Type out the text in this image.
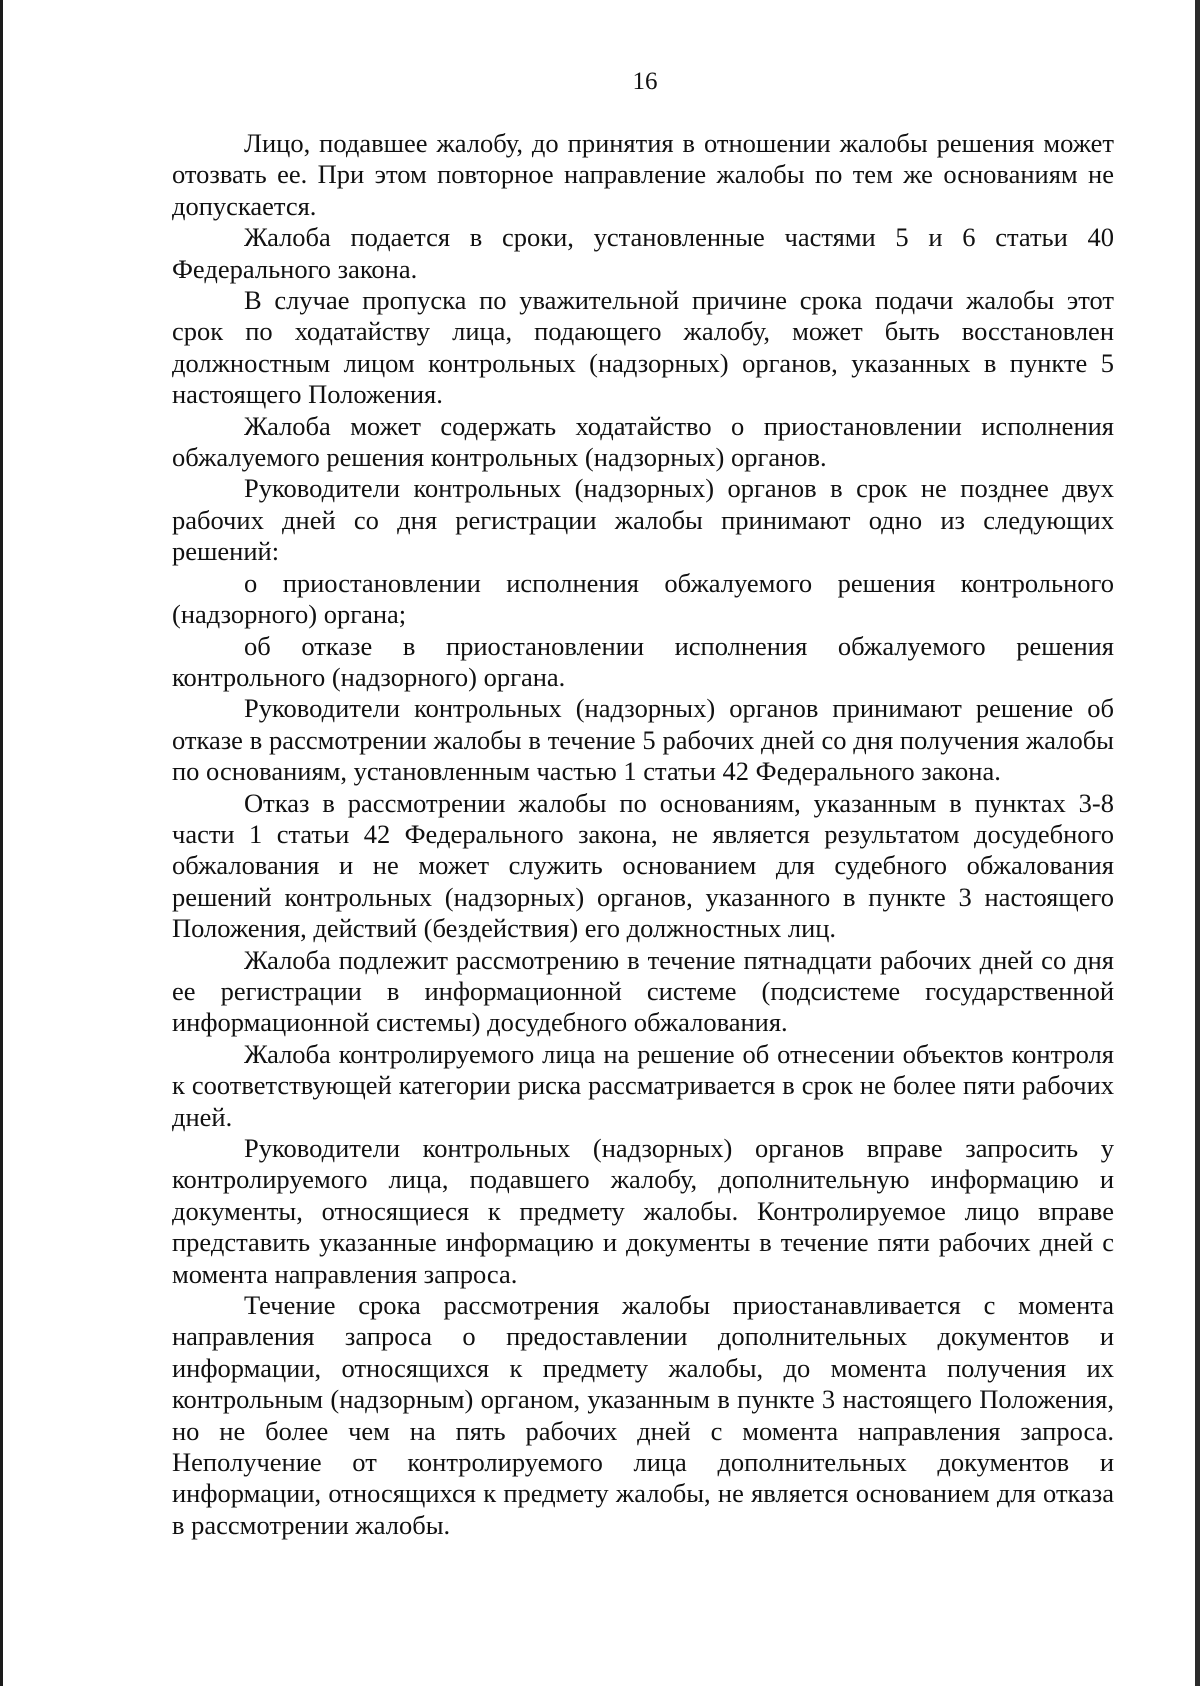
16

Лицо, подавшее жалобу, до принятия в отношении жалобы решения может отозвать ее. При этом повторное направление жалобы по тем же основаниям не допускается.

Жалоба подается в сроки, установленные частями 5 и 6 статьи 40 Федерального закона.

В случае пропуска по уважительной причине срока подачи жалобы этот срок по ходатайству лица, подающего жалобу, может быть восстановлен должностным лицом контрольных (надзорных) органов, указанных в пункте 5 настоящего Положения.

Жалоба может содержать ходатайство о приостановлении исполнения обжалуемого решения контрольных (надзорных) органов.

Руководители контрольных (надзорных) органов в срок не позднее двух рабочих дней со дня регистрации жалобы принимают одно из следующих решений:

о приостановлении исполнения обжалуемого решения контрольного (надзорного) органа;

об отказе в приостановлении исполнения обжалуемого решения контрольного (надзорного) органа.

Руководители контрольных (надзорных) органов принимают решение об отказе в рассмотрении жалобы в течение 5 рабочих дней со дня получения жалобы по основаниям, установленным частью 1 статьи 42 Федерального закона.

Отказ в рассмотрении жалобы по основаниям, указанным в пунктах 3-8 части 1 статьи 42 Федерального закона, не является результатом досудебного обжалования и не может служить основанием для судебного обжалования решений контрольных (надзорных) органов, указанного в пункте 3 настоящего Положения, действий (бездействия) его должностных лиц.

Жалоба подлежит рассмотрению в течение пятнадцати рабочих дней со дня ее регистрации в информационной системе (подсистеме государственной информационной системы) досудебного обжалования.

Жалоба контролируемого лица на решение об отнесении объектов контроля к соответствующей категории риска рассматривается в срок не более пяти рабочих дней.

Руководители контрольных (надзорных) органов вправе запросить у контролируемого лица, подавшего жалобу, дополнительную информацию и документы, относящиеся к предмету жалобы. Контролируемое лицо вправе представить указанные информацию и документы в течение пяти рабочих дней с момента направления запроса.

Течение срока рассмотрения жалобы приостанавливается с момента направления запроса о предоставлении дополнительных документов и информации, относящихся к предмету жалобы, до момента получения их контрольным (надзорным) органом, указанным в пункте 3 настоящего Положения, но не более чем на пять рабочих дней с момента направления запроса. Неполучение от контролируемого лица дополнительных документов и информации, относящихся к предмету жалобы, не является основанием для отказа в рассмотрении жалобы.
